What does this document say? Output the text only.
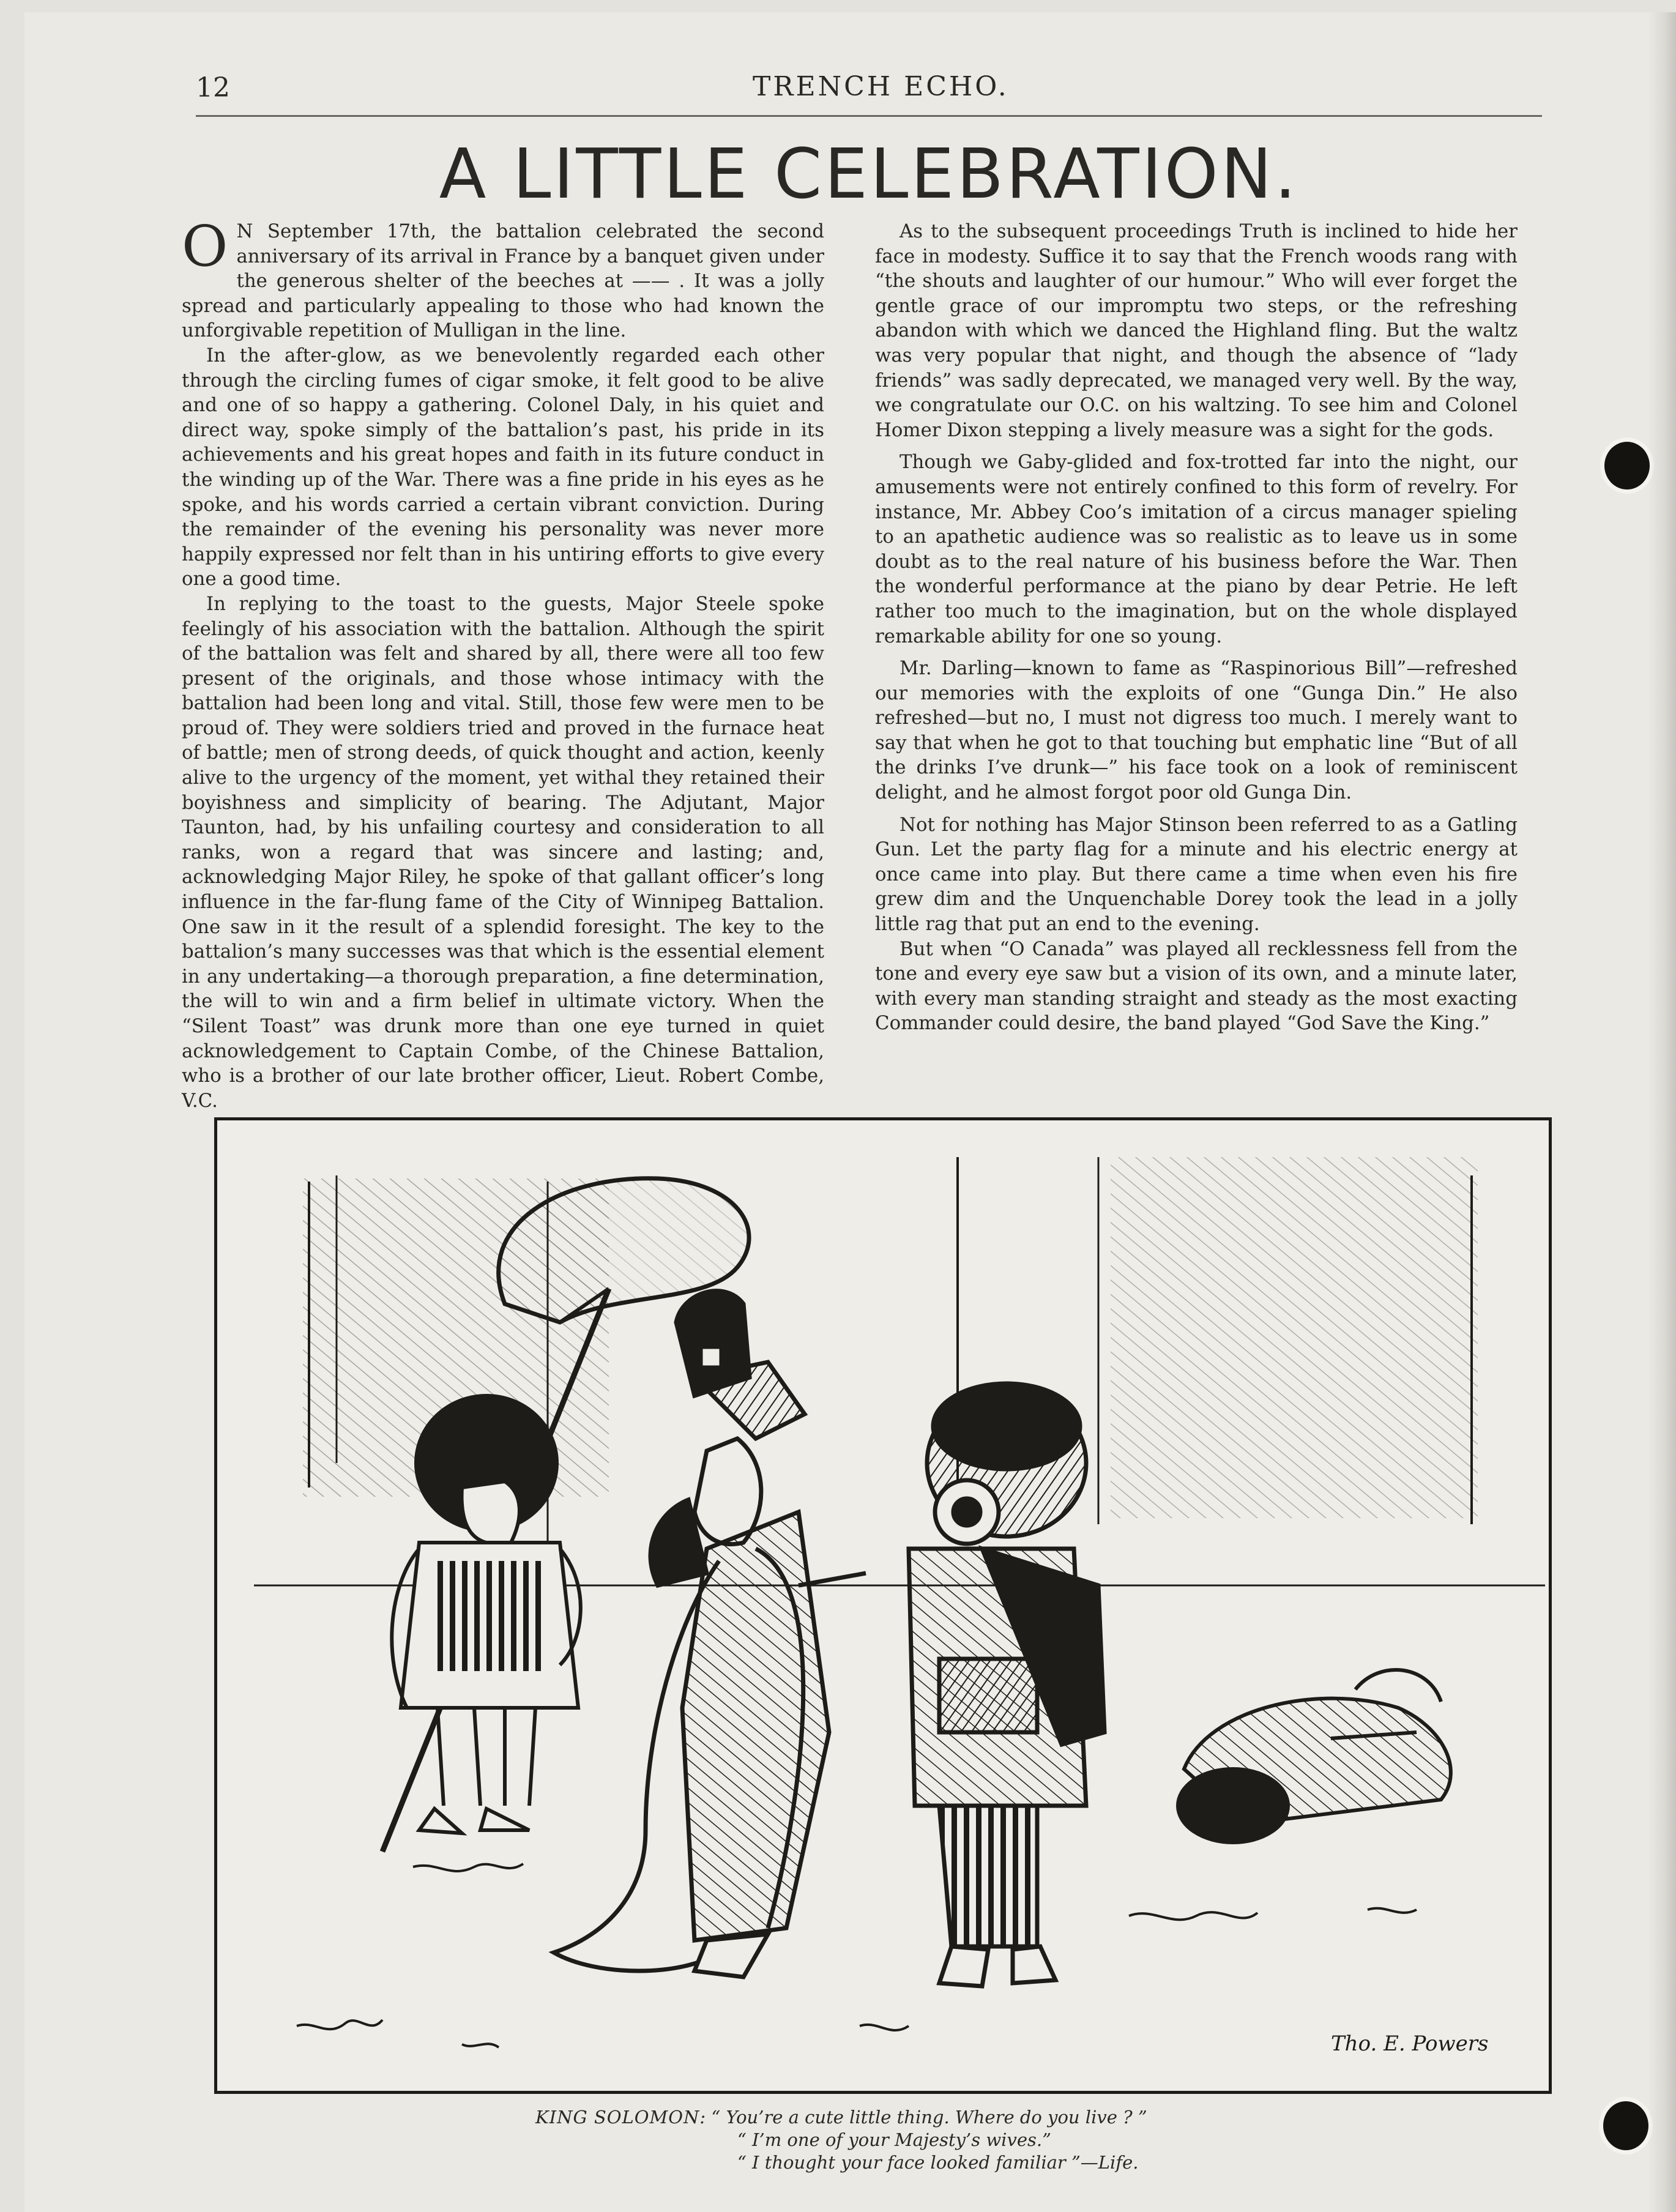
12	TRENCH ECHO.
A LITTLE CELEBRATION.

O N September 17th, the battalion celebrated the second anniversary of its arrival in France by a banquet given under the generous shelter of the beeches at —— . It was a jolly spread and particularly appealing to those who had known the unforgivable repetition of Mulligan in the line.

In the after-glow, as we benevolently regarded each other through the circling fumes of cigar smoke, it felt good to be alive and one of so happy a gathering. Colonel Daly, in his quiet and direct way, spoke simply of the battalion’s past, his pride in its achievements and his great hopes and faith in its future conduct in the winding up of the War. There was a fine pride in his eyes as he spoke, and his words carried a certain vibrant conviction. During the remainder of the evening his personality was never more happily expressed nor felt than in his untiring efforts to give every one a good time.

In replying to the toast to the guests, Major Steele spoke feelingly of his association with the battalion. Although the spirit of the battalion was felt and shared by all, there were all too few present of the originals, and those whose intimacy with the battalion had been long and vital. Still, those few were men to be proud of. They were soldiers tried and proved in the furnace heat of battle; men of strong deeds, of quick thought and action, keenly alive to the urgency of the moment, yet withal they retained their boyishness and simplicity of bearing. The Adjutant, Major Taunton, had, by his unfailing courtesy and consideration to all ranks, won a regard that was sincere and lasting; and, acknowledging Major Riley, he spoke of that gallant officer’s long influence in the far-flung fame of the City of Winnipeg Battalion. One saw in it the result of a splendid foresight. The key to the battalion’s many successes was that which is the essential element in any undertaking—a thorough preparation, a fine determination, the will to win and a firm belief in ultimate victory. When the “Silent Toast” was drunk more than one eye turned in quiet acknowledgement to Captain Combe, of the Chinese Battalion, who is a brother of our late brother officer, Lieut. Robert Combe, V.C.

As to the subsequent proceedings Truth is inclined to hide her face in modesty. Suffice it to say that the French woods rang with “the shouts and laughter of our humour.” Who will ever forget the gentle grace of our impromptu two steps, or the refreshing abandon with which we danced the Highland fling. But the waltz was very popular that night, and though the absence of “lady friends” was sadly deprecated, we managed very well. By the way, we congratulate our O.C. on his waltzing. To see him and Colonel Homer Dixon stepping a lively measure was a sight for the gods.

Though we Gaby-glided and fox-trotted far into the night, our amusements were not entirely confined to this form of revelry. For instance, Mr. Abbey Coo’s imitation of a circus manager spieling to an apathetic audience was so realistic as to leave us in some doubt as to the real nature of his business before the War. Then the wonderful performance at the piano by dear Petrie. He left rather too much to the imagination, but on the whole displayed remarkable ability for one so young.

Mr. Darling—known to fame as “Raspinorious Bill”—refreshed our memories with the exploits of one “Gunga Din.” He also refreshed—but no, I must not digress too much. I merely want to say that when he got to that touching but emphatic line “But of all the drinks I’ve drunk—” his face took on a look of reminiscent delight, and he almost forgot poor old Gunga Din.

Not for nothing has Major Stinson been referred to as a Gatling Gun. Let the party flag for a minute and his electric energy at once came into play. But there came a time when even his fire grew dim and the Unquenchable Dorey took the lead in a jolly little rag that put an end to the evening.

But when “O Canada” was played all recklessness fell from the tone and every eye saw but a vision of its own, and a minute later, with every man standing straight and steady as the most exacting Commander could desire, the band played “God Save the King.”

Tho. E. Powers
KING SOLOMON: “ You’re a cute little thing. Where do you live ? ”
“ I’m one of your Majesty’s wives.”
“ I thought your face looked familiar ”—Life.
